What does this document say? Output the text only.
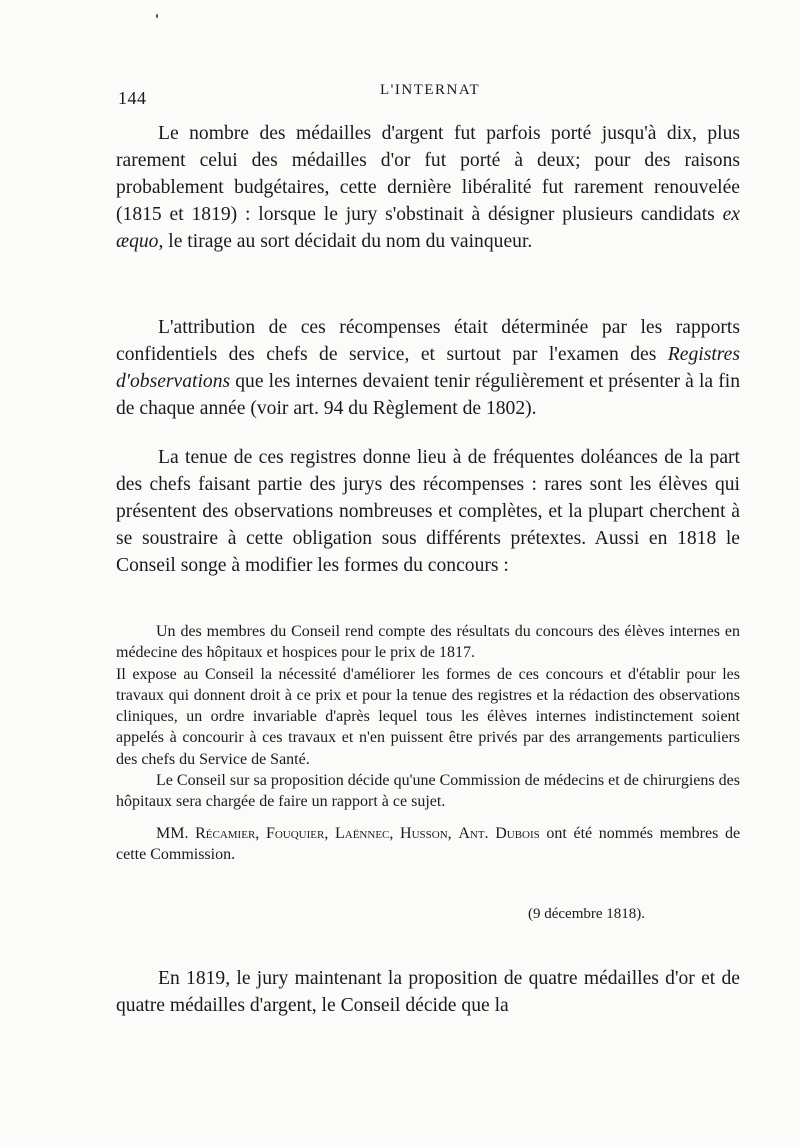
144	L'INTERNAT

Le nombre des médailles d'argent fut parfois porté jusqu'à dix, plus rarement celui des médailles d'or fut porté à deux; pour des raisons probablement budgétaires, cette dernière libéralité fut rarement renouvelée (1815 et 1819) : lorsque le jury s'obstinait à désigner plusieurs candidats ex æquo, le tirage au sort décidait du nom du vainqueur.

L'attribution de ces récompenses était déterminée par les rapports confidentiels des chefs de service, et surtout par l'examen des Registres d'observations que les internes devaient tenir régulièrement et présenter à la fin de chaque année (voir art. 94 du Règlement de 1802).

La tenue de ces registres donne lieu à de fréquentes doléances de la part des chefs faisant partie des jurys des récompenses : rares sont les élèves qui présentent des observations nombreuses et complètes, et la plupart cherchent à se soustraire à cette obligation sous différents prétextes. Aussi en 1818 le Conseil songe à modifier les formes du concours :

Un des membres du Conseil rend compte des résultats du concours des élèves internes en médecine des hôpitaux et hospices pour le prix de 1817.

Il expose au Conseil la nécessité d'améliorer les formes de ces concours et d'établir pour les travaux qui donnent droit à ce prix et pour la tenue des registres et la rédaction des observations cliniques, un ordre invariable d'après lequel tous les élèves internes indistinctement soient appelés à concourir à ces travaux et n'en puissent être privés par des arrangements particuliers des chefs du Service de Santé.

Le Conseil sur sa proposition décide qu'une Commission de médecins et de chirurgiens des hôpitaux sera chargée de faire un rapport à ce sujet.

MM. Récamier, Fouquier, Laënnec, Husson, Ant. Dubois ont été nommés membres de cette Commission.

(9 décembre 1818).

En 1819, le jury maintenant la proposition de quatre médailles d'or et de quatre médailles d'argent, le Conseil décide que la
